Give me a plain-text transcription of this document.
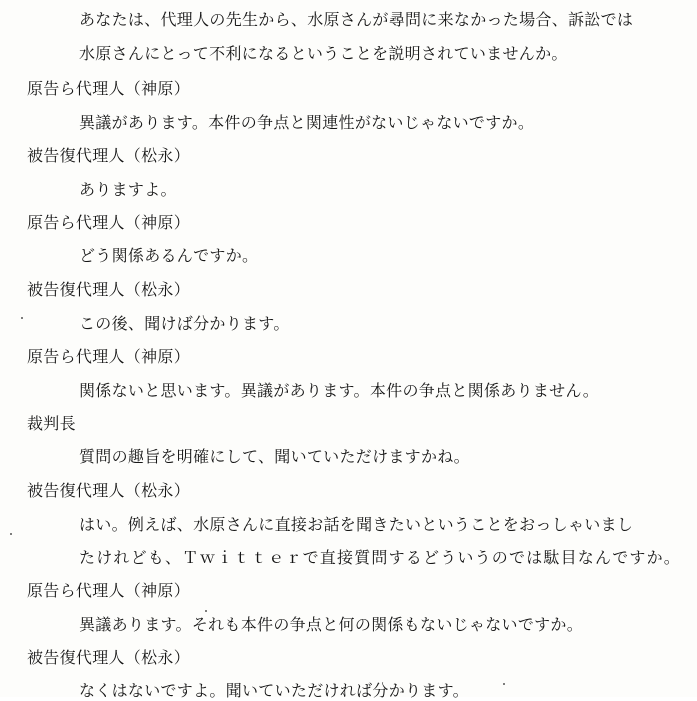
あなたは、代理人の先生から、水原さんが尋問に来なかった場合、訴訟では
水原さんにとって不利になるということを説明されていませんか。
原告ら代理人（神原）
異議があります。本件の争点と関連性がないじゃないですか。
被告復代理人（松永）
ありますよ。
原告ら代理人（神原）
どう関係あるんですか。
被告復代理人（松永）
この後、聞けば分かります。
原告ら代理人（神原）
関係ないと思います。異議があります。本件の争点と関係ありません。
裁判長
質問の趣旨を明確にして、聞いていただけますかね。
被告復代理人（松永）
はい。例えば、水原さんに直接お話を聞きたいということをおっしゃいまし
たけれども、Ｔｗｉｔｔｅｒで直接質問するどういうのでは駄目なんですか。
原告ら代理人（神原）
異議あります。それも本件の争点と何の関係もないじゃないですか。
被告復代理人（松永）
なくはないですよ。聞いていただければ分かります。
